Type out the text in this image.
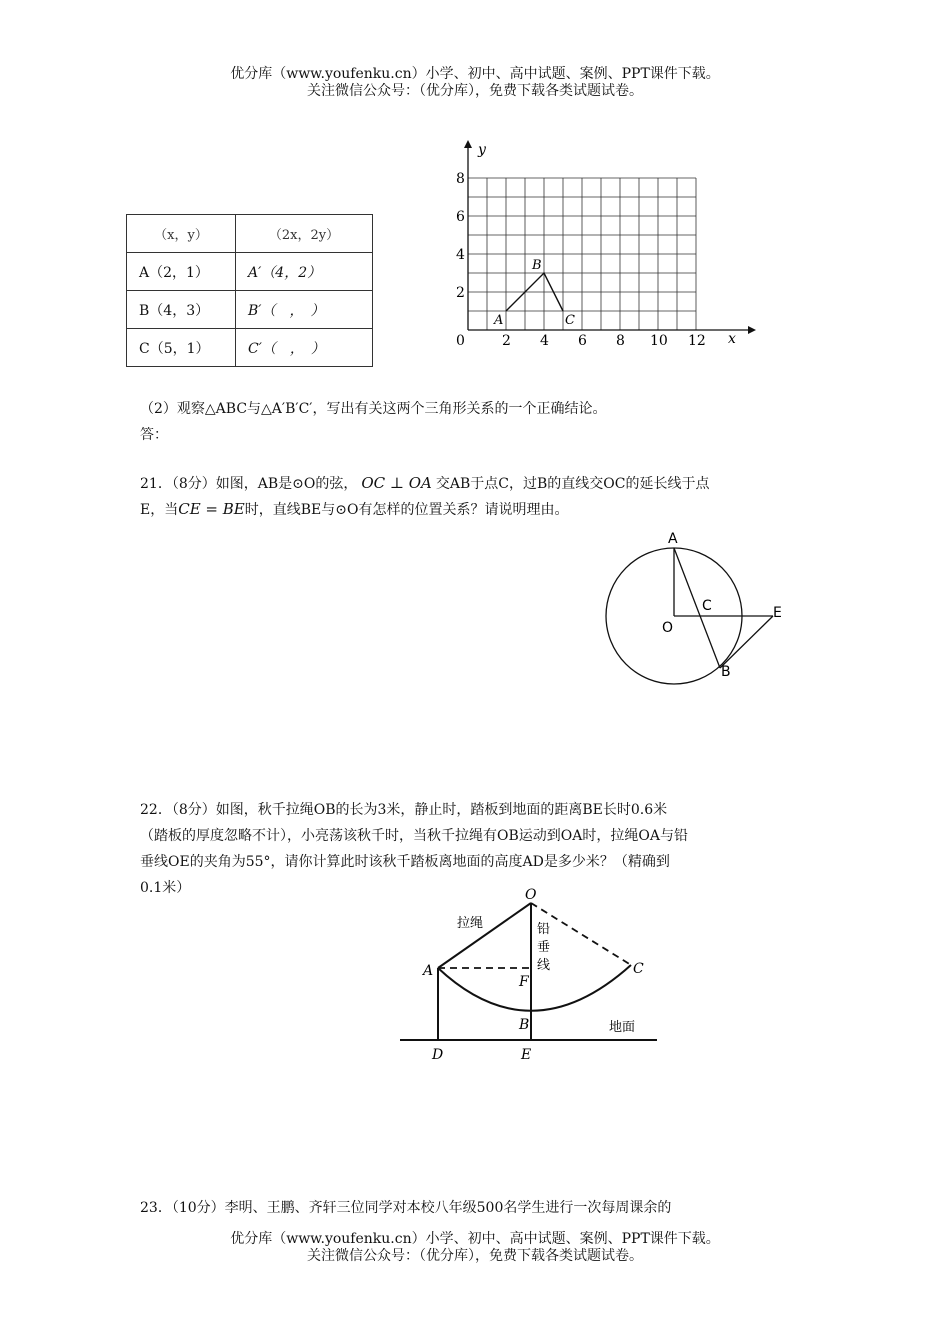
优分库（www.youfenku.cn）小学、初中、高中试题、案例、PPT课件下载。
关注微信公众号：（优分库），免费下载各类试题试卷。
（x，y）	（2x，2y）
A（2，1）	A′（4，2）
B（4，3）	B′（　，　）
C（5，1）	C′（　，　）
y
x
0	2 4 6 8 10 12
2
4
6
8
A
B
C
（2）观察△ABC与△A′B′C′，写出有关这两个三角形关系的一个正确结论。
答：
21．（8分）如图，AB是⊙O的弦， OC ⊥ OA 交AB于点C，过B的直线交OC的延长线于点
E，当CE = BE时，直线BE与⊙O有怎样的位置关系？请说明理由。
A
C
O
E
B
22．（8分）如图，秋千拉绳OB的长为3米，静止时，踏板到地面的距离BE长时0.6米
（踏板的厚度忽略不计），小亮荡该秋千时，当秋千拉绳有OB运动到OA时，拉绳OA与铅
垂线OE的夹角为55°，请你计算此时该秋千踏板离地面的高度AD是多少米？（精确到
0.1米）	O
A	C
F
B
D	E
拉绳	铅
垂
线
地面
23．（10分）李明、王鹏、齐轩三位同学对本校八年级500名学生进行一次每周课余的
优分库（www.youfenku.cn）小学、初中、高中试题、案例、PPT课件下载。
关注微信公众号：（优分库），免费下载各类试题试卷。
